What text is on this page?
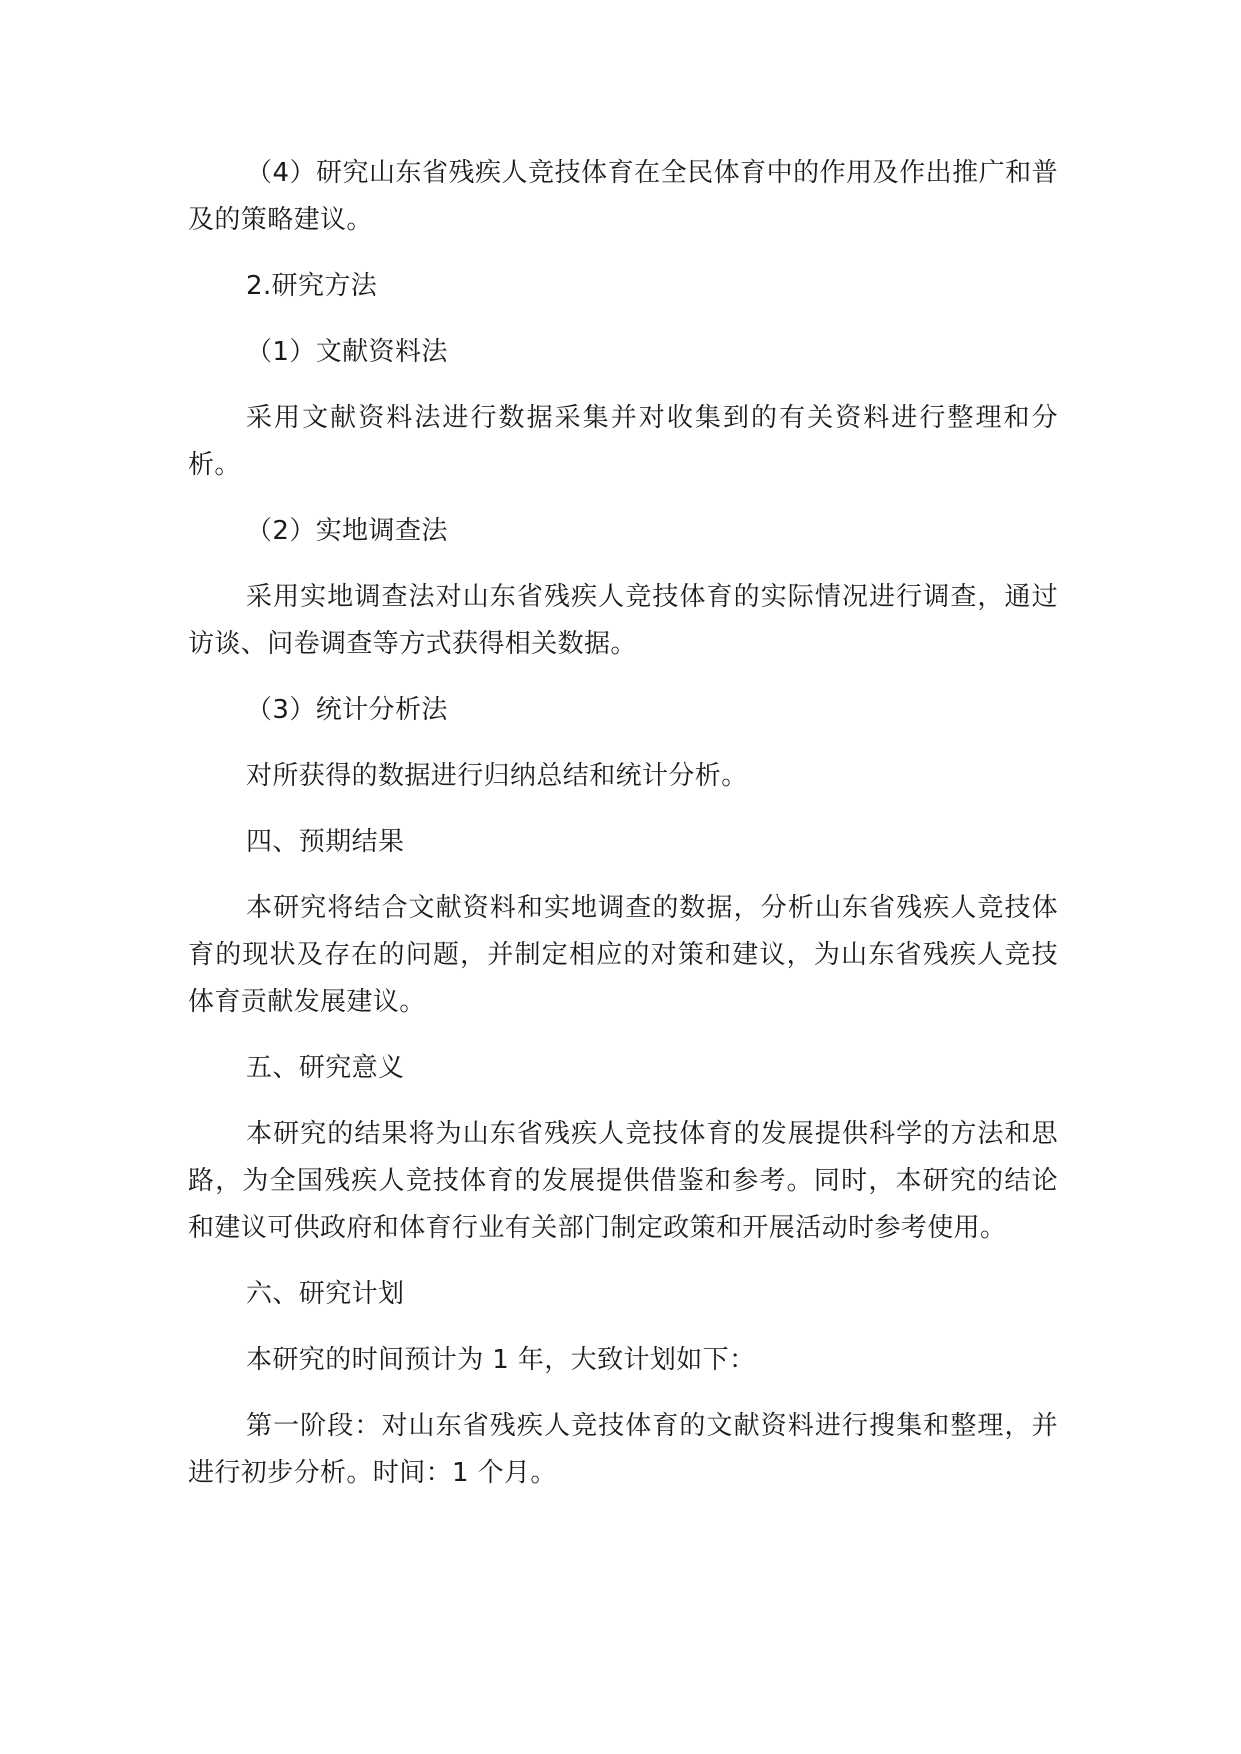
（4）研究山东省残疾人竞技体育在全民体育中的作用及作出推广和普及的策略建议。

2.研究方法

（1）文献资料法

采用文献资料法进行数据采集并对收集到的有关资料进行整理和分析。

（2）实地调查法

采用实地调查法对山东省残疾人竞技体育的实际情况进行调查，通过访谈、问卷调查等方式获得相关数据。

（3）统计分析法

对所获得的数据进行归纳总结和统计分析。

四、预期结果

本研究将结合文献资料和实地调查的数据，分析山东省残疾人竞技体育的现状及存在的问题，并制定相应的对策和建议，为山东省残疾人竞技体育贡献发展建议。

五、研究意义

本研究的结果将为山东省残疾人竞技体育的发展提供科学的方法和思路，为全国残疾人竞技体育的发展提供借鉴和参考。同时，本研究的结论和建议可供政府和体育行业有关部门制定政策和开展活动时参考使用。

六、研究计划

本研究的时间预计为 1 年，大致计划如下：

第一阶段：对山东省残疾人竞技体育的文献资料进行搜集和整理，并进行初步分析。时间：1 个月。
